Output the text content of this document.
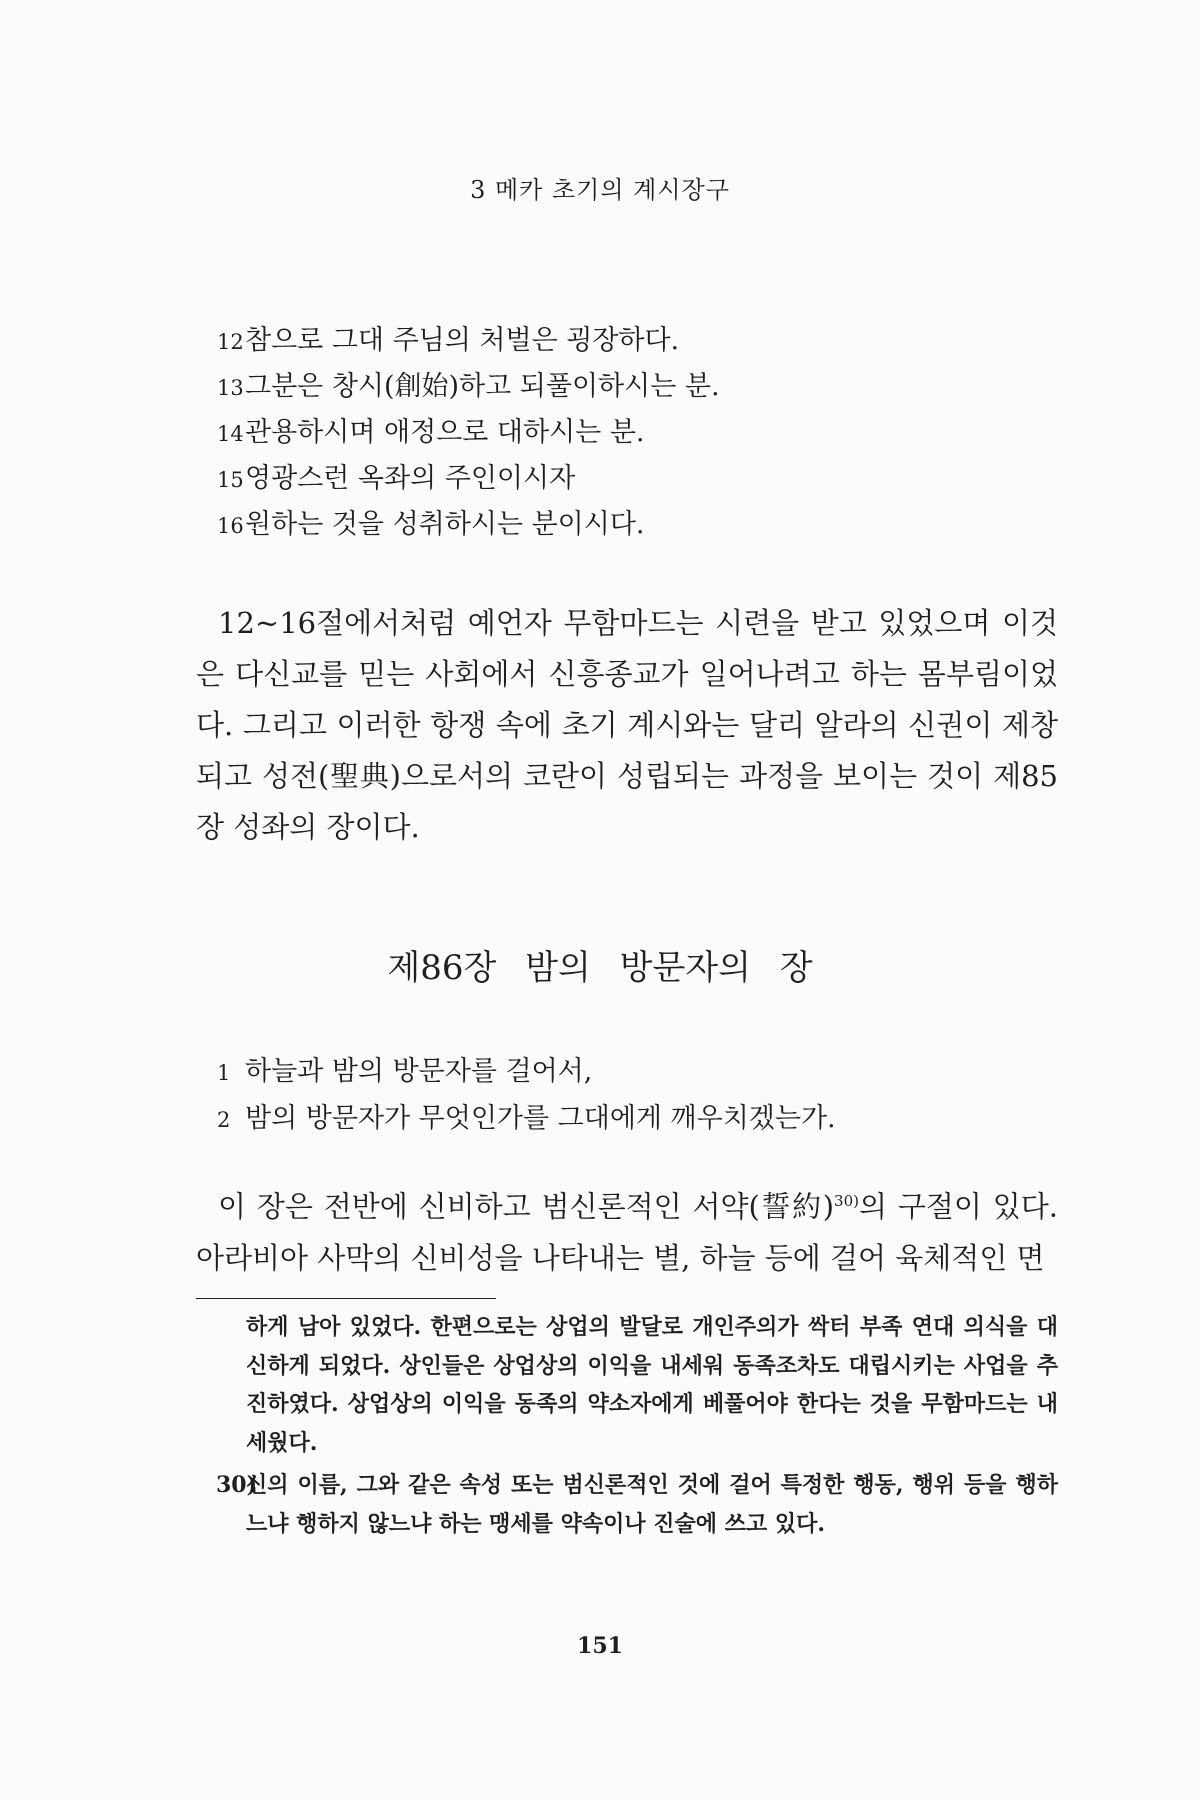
3 메카 초기의 계시장구
12참으로 그대 주님의 처벌은 굉장하다.
13그분은 창시(創始)하고 되풀이하시는 분.
14관용하시며 애정으로 대하시는 분.
15영광스런 옥좌의 주인이시자
16원하는 것을 성취하시는 분이시다.

12~16절에서처럼 예언자 무함마드는 시련을 받고 있었으며 이것은 다신교를 믿는 사회에서 신흥종교가 일어나려고 하는 몸부림이었다. 그리고 이러한 항쟁 속에 초기 계시와는 달리 알라의 신권이 제창되고 성전(聖典)으로서의 코란이 성립되는 과정을 보이는 것이 제85장 성좌의 장이다.

제86장 밤의 방문자의 장
1 하늘과 밤의 방문자를 걸어서,
2 밤의 방문자가 무엇인가를 그대에게 깨우치겠는가.

이 장은 전반에 신비하고 범신론적인 서약(誓約)$^{30)}$의 구절이 있다. 아라비아 사막의 신비성을 나타내는 별, 하늘 등에 걸어 육체적인 면

하게 남아 있었다. 한편으로는 상업의 발달로 개인주의가 싹터 부족 연대 의식을 대신하게 되었다. 상인들은 상업상의 이익을 내세워 동족조차도 대립시키는 사업을 추진하였다. 상업상의 이익을 동족의 약소자에게 베풀어야 한다는 것을 무함마드는 내세웠다.
30)
신의 이름, 그와 같은 속성 또는 범신론적인 것에 걸어 특정한 행동, 행위 등을 행하느냐 행하지 않느냐 하는 맹세를 약속이나 진술에 쓰고 있다.
151
